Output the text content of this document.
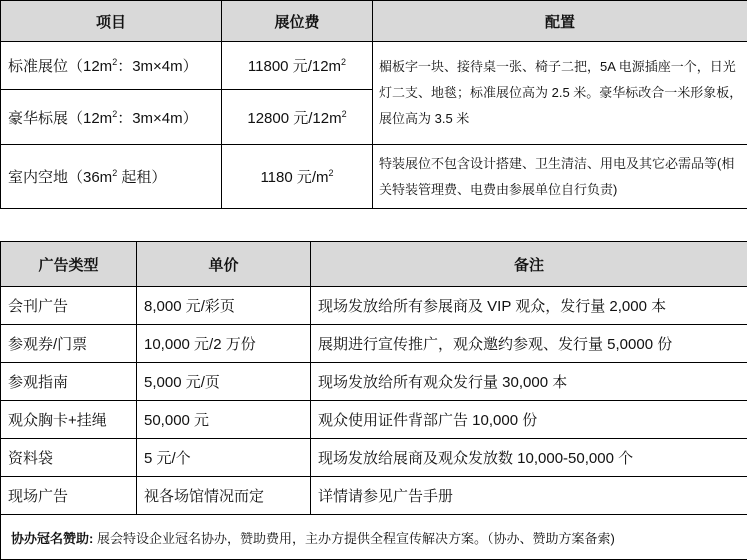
项目	展位费	配置
标准展位（$12m^2$：3m×4m）	11800 元$/12m^2$	楣板字一块、接待桌一张、椅子二把，5A 电源插座一个，日光灯二支、地毯；标准展位高为 2.5 米。豪华标改合一米形象板，展位高为 3.5 米
豪华标展（$12m^2$：3m×4m）	12800 元$/12m^2$
室内空地（$36m^2$ 起租）	1180 元$/m^2$	特装展位不包含设计搭建、卫生清洁、用电及其它必需品等(相关特装管理费、电费由参展单位自行负责)
广告类型	单价	备注
会刊广告	8,000 元/彩页	现场发放给所有参展商及 VIP 观众，发行量 2,000 本
参观券/门票	10,000 元/2 万份	展期进行宣传推广，观众邀约参观、发行量 5,0000 份
参观指南	5,000 元/页	现场发放给所有观众发行量 30,000 本
观众胸卡+挂绳	50,000 元	观众使用证件背部广告 10,000 份
资料袋	5 元/个	现场发放给展商及观众发放数 10,000-50,000 个
现场广告	视各场馆情况而定	详情请参见广告手册
协办冠名赞助: 展会特设企业冠名协办，赞助费用，主办方提供全程宣传解决方案。（协办、赞助方案备索)		
